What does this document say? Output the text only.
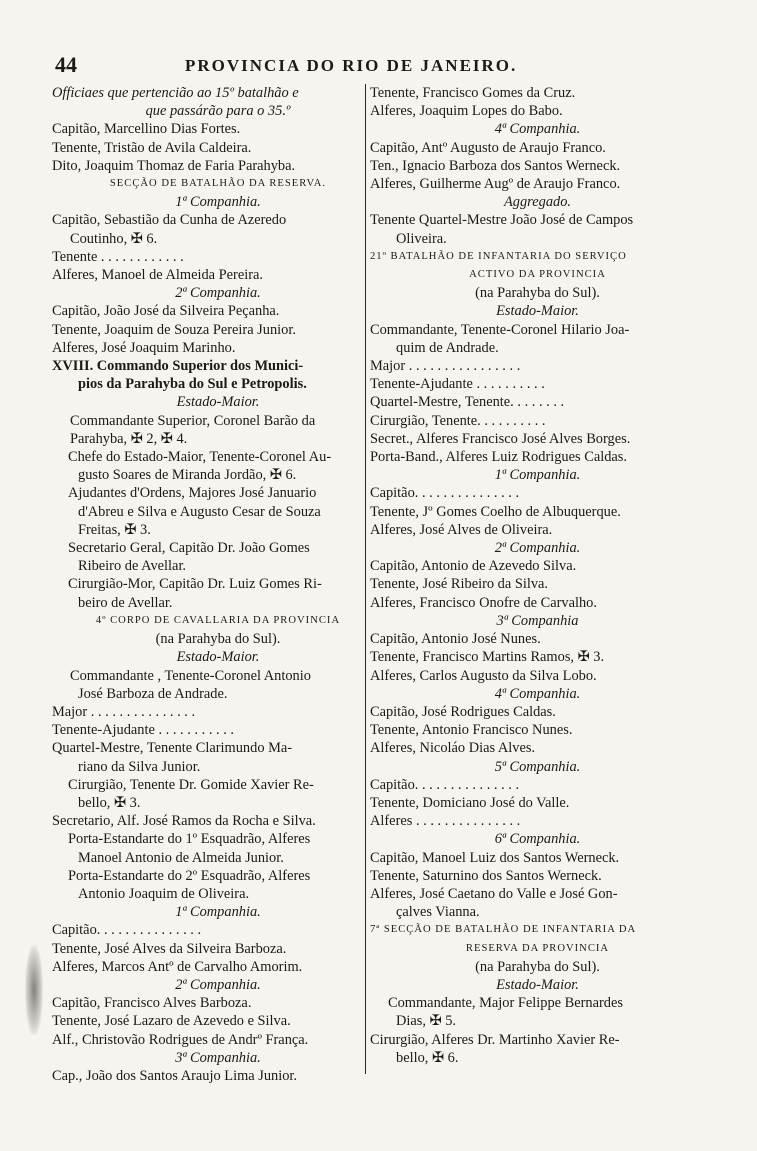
44	PROVINCIA DO RIO DE JANEIRO.
Officiaes que pertencião ao 15º batalhão e
que passárão para o 35.º
Capitão, Marcellino Dias Fortes.
Tenente, Tristão de Avila Caldeira.
Dito, Joaquim Thomaz de Faria Parahyba.
SECÇÃO DE BATALHÃO DA RESERVA.
1ª Companhia.
Capitão, Sebastião da Cunha de Azeredo
Coutinho, ✠ 6.
Tenente . . . . . . . . . . . .
Alferes, Manoel de Almeida Pereira.
2ª Companhia.
Capitão, João José da Silveira Peçanha.
Tenente, Joaquim de Souza Pereira Junior.
Alferes, José Joaquim Marinho.
XVIII. Commando Superior dos Munici-
pios da Parahyba do Sul e Petropolis.
Estado-Maior.
Commandante Superior, Coronel Barão da
Parahyba, ✠ 2, ✠ 4.
Chefe do Estado-Maior, Tenente-Coronel Au-
gusto Soares de Miranda Jordão, ✠ 6.
Ajudantes d'Ordens, Majores José Januario
d'Abreu e Silva e Augusto Cesar de Souza
Freitas, ✠ 3.
Secretario Geral, Capitão Dr. João Gomes
Ribeiro de Avellar.
Cirurgião-Mor, Capitão Dr. Luiz Gomes Ri-
beiro de Avellar.
4º CORPO DE CAVALLARIA DA PROVINCIA
(na Parahyba do Sul).
Estado-Maior.
Commandante , Tenente-Coronel Antonio
José Barboza de Andrade.
Major . . . . . . . . . . . . . . .
Tenente-Ajudante . . . . . . . . . . .
Quartel-Mestre, Tenente Clarimundo Ma-
riano da Silva Junior.
Cirurgião, Tenente Dr. Gomide Xavier Re-
bello, ✠ 3.
Secretario, Alf. José Ramos da Rocha e Silva.
Porta-Estandarte do 1º Esquadrão, Alferes
Manoel Antonio de Almeida Junior.
Porta-Estandarte do 2º Esquadrão, Alferes
Antonio Joaquim de Oliveira.
1ª Companhia.
Capitão. . . . . . . . . . . . . . .
Tenente, José Alves da Silveira Barboza.
Alferes, Marcos Antº de Carvalho Amorim.
2ª Companhia.
Capitão, Francisco Alves Barboza.
Tenente, José Lazaro de Azevedo e Silva.
Alf., Christovão Rodrigues de Andrº França.
3ª Companhia.
Cap., João dos Santos Araujo Lima Junior.
Tenente, Francisco Gomes da Cruz.
Alferes, Joaquim Lopes do Babo.
4ª Companhia.
Capitão, Antº Augusto de Araujo Franco.
Ten., Ignacio Barboza dos Santos Werneck.
Alferes, Guilherme Augº de Araujo Franco.
Aggregado.
Tenente Quartel-Mestre João José de Campos
Oliveira.
21º BATALHÃO DE INFANTARIA DO SERVIÇO
ACTIVO DA PROVINCIA
(na Parahyba do Sul).
Estado-Maior.
Commandante, Tenente-Coronel Hilario Joa-
quim de Andrade.
Major . . . . . . . . . . . . . . . .
Tenente-Ajudante . . . . . . . . . .
Quartel-Mestre, Tenente. . . . . . . .
Cirurgião, Tenente. . . . . . . . . .
Secret., Alferes Francisco José Alves Borges.
Porta-Band., Alferes Luiz Rodrigues Caldas.
1ª Companhia.
Capitão. . . . . . . . . . . . . . .
Tenente, Jº Gomes Coelho de Albuquerque.
Alferes, José Alves de Oliveira.
2ª Companhia.
Capitão, Antonio de Azevedo Silva.
Tenente, José Ribeiro da Silva.
Alferes, Francisco Onofre de Carvalho.
3ª Companhia
Capitão, Antonio José Nunes.
Tenente, Francisco Martins Ramos, ✠ 3.
Alferes, Carlos Augusto da Silva Lobo.
4ª Companhia.
Capitão, José Rodrigues Caldas.
Tenente, Antonio Francisco Nunes.
Alferes, Nicoláo Dias Alves.
5ª Companhia.
Capitão. . . . . . . . . . . . . . .
Tenente, Domiciano José do Valle.
Alferes . . . . . . . . . . . . . . .
6ª Companhia.
Capitão, Manoel Luiz dos Santos Werneck.
Tenente, Saturnino dos Santos Werneck.
Alferes, José Caetano do Valle e José Gon-
çalves Vianna.
7ª SECÇÃO DE BATALHÃO DE INFANTARIA DA
RESERVA DA PROVINCIA
(na Parahyba do Sul).
Estado-Maior.
Commandante, Major Felippe Bernardes
Dias, ✠ 5.
Cirurgião, Alferes Dr. Martinho Xavier Re-
bello, ✠ 6.
